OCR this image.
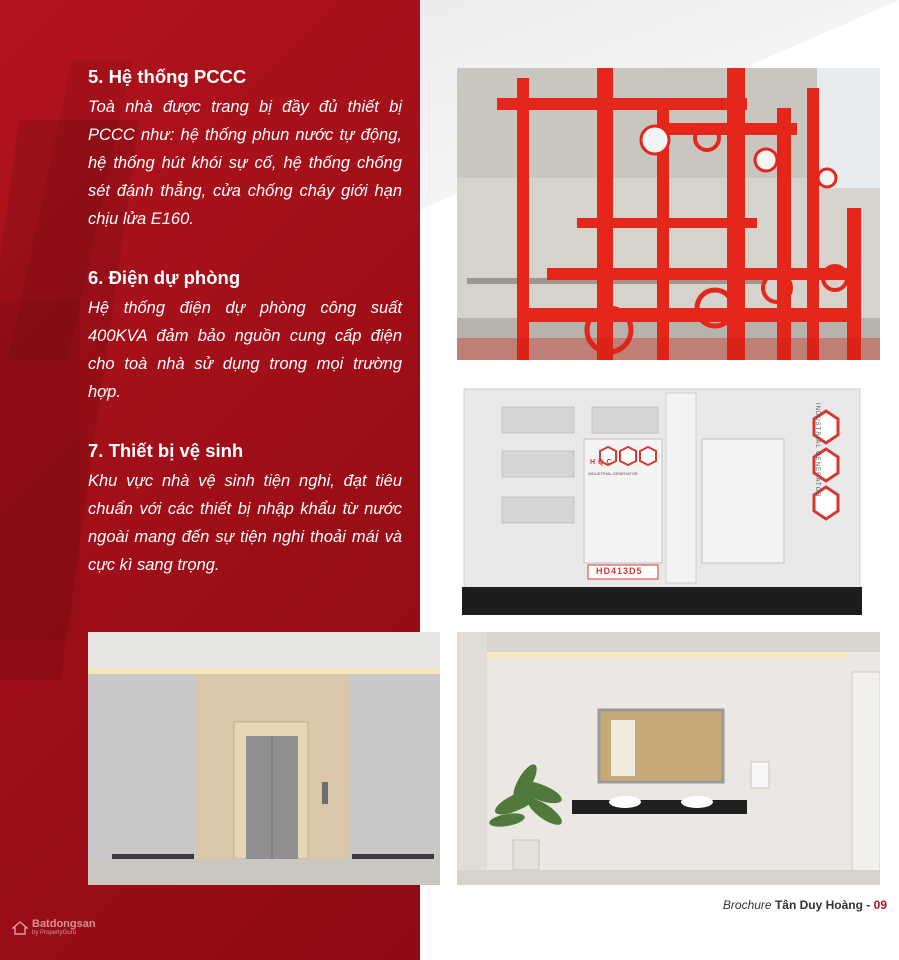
5. Hệ thống PCCC

Toà nhà được trang bị đầy đủ thiết bị PCCC như: hệ thống phun nước tự động, hệ thống hút khói sự cố, hệ thống chống sét đánh thẳng, cửa chống cháy giới hạn chịu lửa E160.

6. Điện dự phòng

Hệ thống điện dự phòng công suất 400KVA đảm bảo nguồn cung cấp điện cho toà nhà sử dụng trong mọi trường hợp.

7. Thiết bị vệ sinh

Khu vực nhà vệ sinh tiện nghi, đạt tiêu chuẩn với các thiết bị nhập khẩu từ nước ngoài mang đến sự tiện nghi thoải mái và cực kì sang trọng.

HQC
INDUSTRIAL GENERATOR
HD413D5
INDUSTRIAL GENERATOR
Brochure Tân Duy Hoàng - 09
Batdongsan
by PropertyGuru
